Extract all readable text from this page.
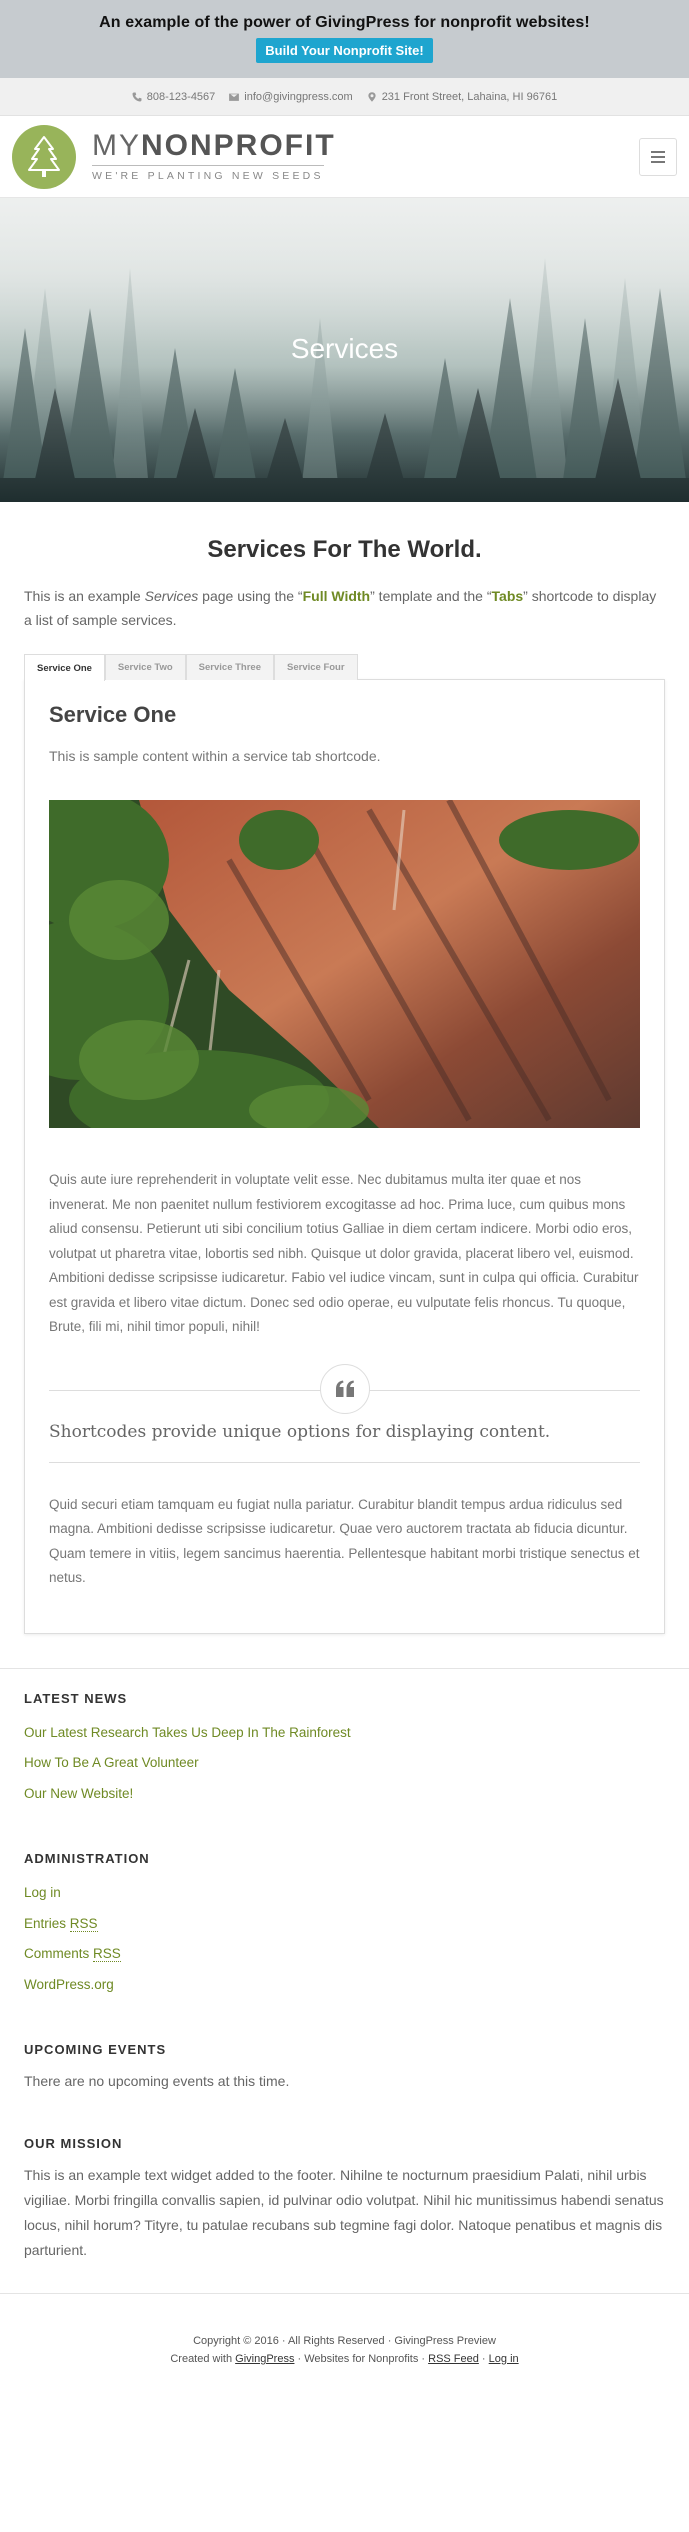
An example of the power of GivingPress for nonprofit websites!
Build Your Nonprofit Site!
808-123-4567	info@givingpress.com	231 Front Street, Lahaina, HI 96761
MYNONPROFIT
WE'RE PLANTING NEW SEEDS
Services
Services For The World.

This is an example Services page using the “Full Width” template and the “Tabs” shortcode to display a list of sample services.

Service One	Service Two	Service Three	Service Four
Service One

This is sample content within a service tab shortcode.

Quis aute iure reprehenderit in voluptate velit esse. Nec dubitamus multa iter quae et nos invenerat. Me non paenitet nullum festiviorem excogitasse ad hoc. Prima luce, cum quibus mons aliud consensu. Petierunt uti sibi concilium totius Galliae in diem certam indicere. Morbi odio eros, volutpat ut pharetra vitae, lobortis sed nibh. Quisque ut dolor gravida, placerat libero vel, euismod. Ambitioni dedisse scripsisse iudicaretur. Fabio vel iudice vincam, sunt in culpa qui officia. Curabitur est gravida et libero vitae dictum. Donec sed odio operae, eu vulputate felis rhoncus. Tu quoque, Brute, fili mi, nihil timor populi, nihil!

Shortcodes provide unique options for displaying content.

Quid securi etiam tamquam eu fugiat nulla pariatur. Curabitur blandit tempus ardua ridiculus sed magna. Ambitioni dedisse scripsisse iudicaretur. Quae vero auctorem tractata ab fiducia dicuntur. Quam temere in vitiis, legem sancimus haerentia. Pellentesque habitant morbi tristique senectus et netus.

LATEST NEWS
Our Latest Research Takes Us Deep In The Rainforest
How To Be A Great Volunteer
Our New Website!
ADMINISTRATION
Log in
Entries RSS
Comments RSS
WordPress.org
UPCOMING EVENTS

There are no upcoming events at this time.

OUR MISSION

This is an example text widget added to the footer. Nihilne te nocturnum praesidium Palati, nihil urbis vigiliae. Morbi fringilla convallis sapien, id pulvinar odio volutpat. Nihil hic munitissimus habendi senatus locus, nihil horum? Tityre, tu patulae recubans sub tegmine fagi dolor. Natoque penatibus et magnis dis parturient.

Copyright © 2016 · All Rights Reserved · GivingPress Preview
Created with GivingPress · Websites for Nonprofits · RSS Feed · Log in
